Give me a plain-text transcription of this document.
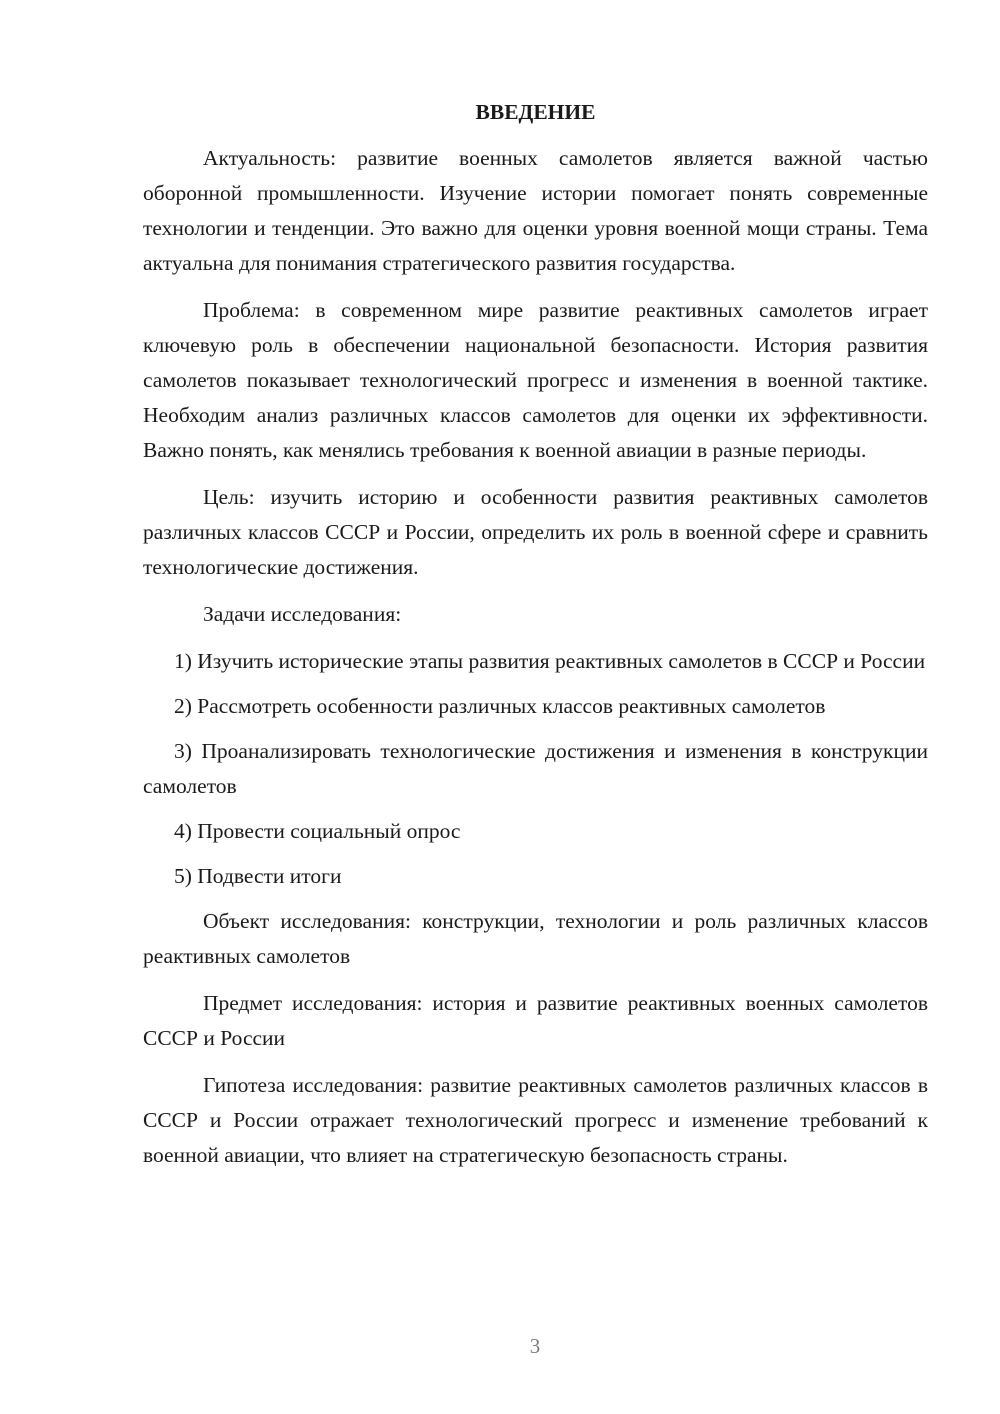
ВВЕДЕНИЕ

Актуальность: развитие военных самолетов является важной частью оборонной промышленности. Изучение истории помогает понять современные технологии и тенденции. Это важно для оценки уровня военной мощи страны. Тема актуальна для понимания стратегического развития государства.

Проблема: в современном мире развитие реактивных самолетов играет ключевую роль в обеспечении национальной безопасности. История развития самолетов показывает технологический прогресс и изменения в военной тактике. Необходим анализ различных классов самолетов для оценки их эффективности. Важно понять, как менялись требования к военной авиации в разные периоды.

Цель: изучить историю и особенности развития реактивных самолетов различных классов СССР и России, определить их роль в военной сфере и сравнить технологические достижения.

Задачи исследования:

1) Изучить исторические этапы развития реактивных самолетов в СССР и России

2) Рассмотреть особенности различных классов реактивных самолетов

3) Проанализировать технологические достижения и изменения в конструкции самолетов

4) Провести социальный опрос

5) Подвести итоги

Объект исследования: конструкции, технологии и роль различных классов реактивных самолетов

Предмет исследования: история и развитие реактивных военных самолетов СССР и России

Гипотеза исследования: развитие реактивных самолетов различных классов в СССР и России отражает технологический прогресс и изменение требований к военной авиации, что влияет на стратегическую безопасность страны.

3
